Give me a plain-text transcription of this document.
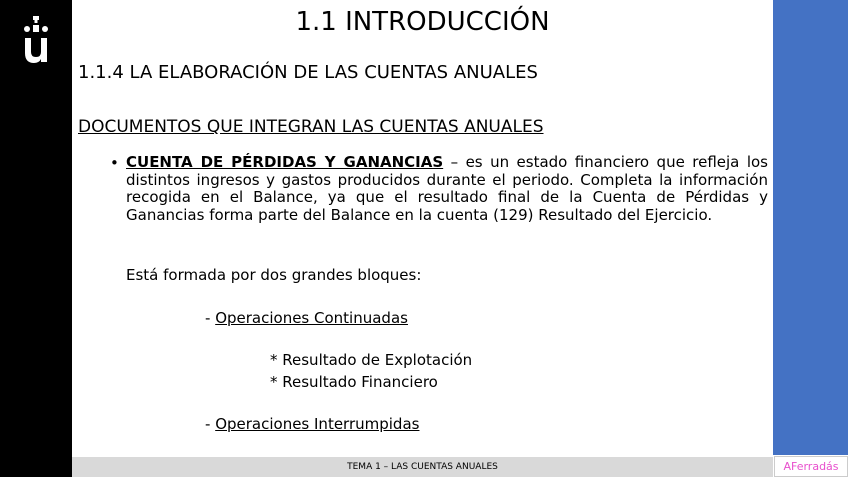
1.1 INTRODUCCIÓN
1.1.4 LA ELABORACIÓN DE LAS CUENTAS ANUALES
DOCUMENTOS QUE INTEGRAN LAS CUENTAS ANUALES
• CUENTA DE PÉRDIDAS Y GANANCIAS – es un estado financiero que refleja los distintos ingresos y gastos producidos durante el periodo. Completa la información recogida en el Balance, ya que el resultado final de la Cuenta de Pérdidas y Ganancias forma parte del Balance en la cuenta (129) Resultado del Ejercicio.
Está formada por dos grandes bloques:
- Operaciones Continuadas
* Resultado de Explotación
* Resultado Financiero
- Operaciones Interrumpidas
TEMA 1 – LAS CUENTAS ANUALES	AFerradás
